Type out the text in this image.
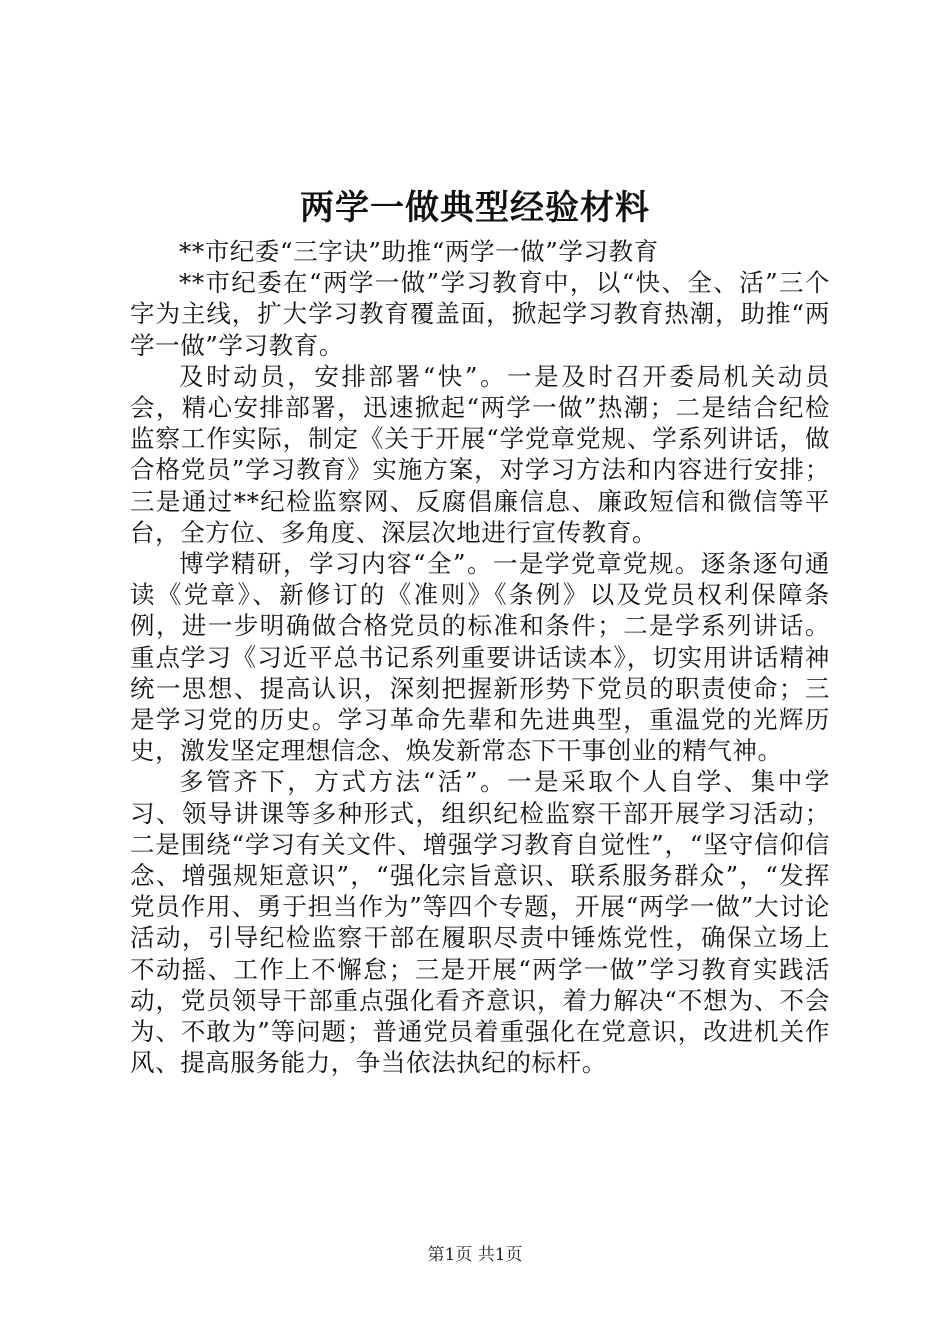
两学一做典型经验材料

**市纪委“三字诀”助推“两学一做”学习教育

**市纪委在“两学一做”学习教育中，以“快、全、活”三个字为主线，扩大学习教育覆盖面，掀起学习教育热潮，助推“两学一做”学习教育。

及时动员，安排部署“快”。一是及时召开委局机关动员会，精心安排部署，迅速掀起“两学一做”热潮；二是结合纪检监察工作实际，制定《关于开展“学党章党规、学系列讲话，做合格党员”学习教育》实施方案，对学习方法和内容进行安排；三是通过**纪检监察网、反腐倡廉信息、廉政短信和微信等平台，全方位、多角度、深层次地进行宣传教育。

博学精研，学习内容“全”。一是学党章党规。逐条逐句通读《党章》、新修订的《准则》《条例》以及党员权利保障条例，进一步明确做合格党员的标准和条件；二是学系列讲话。重点学习《习近平总书记系列重要讲话读本》，切实用讲话精神统一思想、提高认识，深刻把握新形势下党员的职责使命；三是学习党的历史。学习革命先辈和先进典型，重温党的光辉历史，激发坚定理想信念、焕发新常态下干事创业的精气神。

多管齐下，方式方法“活”。一是采取个人自学、集中学习、领导讲课等多种形式，组织纪检监察干部开展学习活动；二是围绕“学习有关文件、增强学习教育自觉性”，“坚守信仰信念、增强规矩意识”，“强化宗旨意识、联系服务群众”，“发挥党员作用、勇于担当作为”等四个专题，开展“两学一做”大讨论活动，引导纪检监察干部在履职尽责中锤炼党性，确保立场上不动摇、工作上不懈怠；三是开展“两学一做”学习教育实践活动，党员领导干部重点强化看齐意识，着力解决“不想为、不会为、不敢为”等问题；普通党员着重强化在党意识，改进机关作风、提高服务能力，争当依法执纪的标杆。

第1页 共1页
